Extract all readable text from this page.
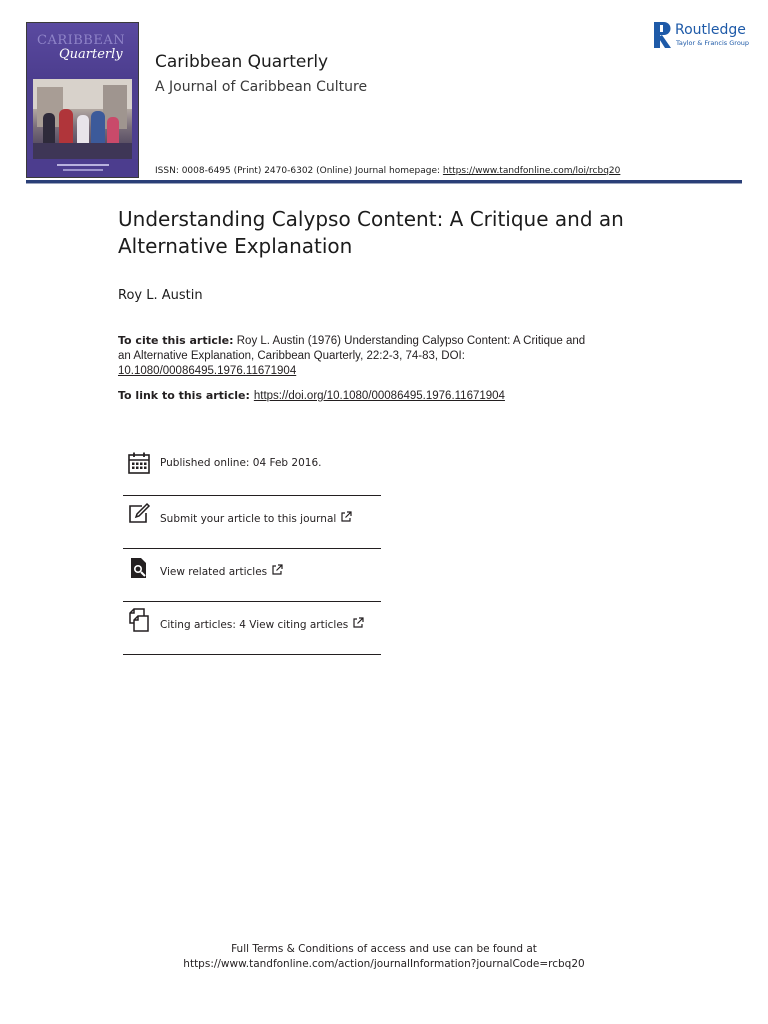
CARIBBEAN
Quarterly Caribbean Quarterly
A Journal of Caribbean Culture
Routledge
Taylor & Francis Group
ISSN: 0008-6495 (Print) 2470-6302 (Online) Journal homepage: https://www.tandfonline.com/loi/rcbq20
Understanding Calypso Content: A Critique and an Alternative Explanation
Roy L. Austin
To cite this article: Roy L. Austin (1976) Understanding Calypso Content: A Critique and an Alternative Explanation, Caribbean Quarterly, 22:2-3, 74-83, DOI: 10.1080/00086495.1976.11671904
To link to this article: https://doi.org/10.1080/00086495.1976.11671904
Published online: 04 Feb 2016.
Submit your article to this journal
View related articles
Citing articles: 4 View citing articles
Full Terms & Conditions of access and use can be found at
https://www.tandfonline.com/action/journalInformation?journalCode=rcbq20
